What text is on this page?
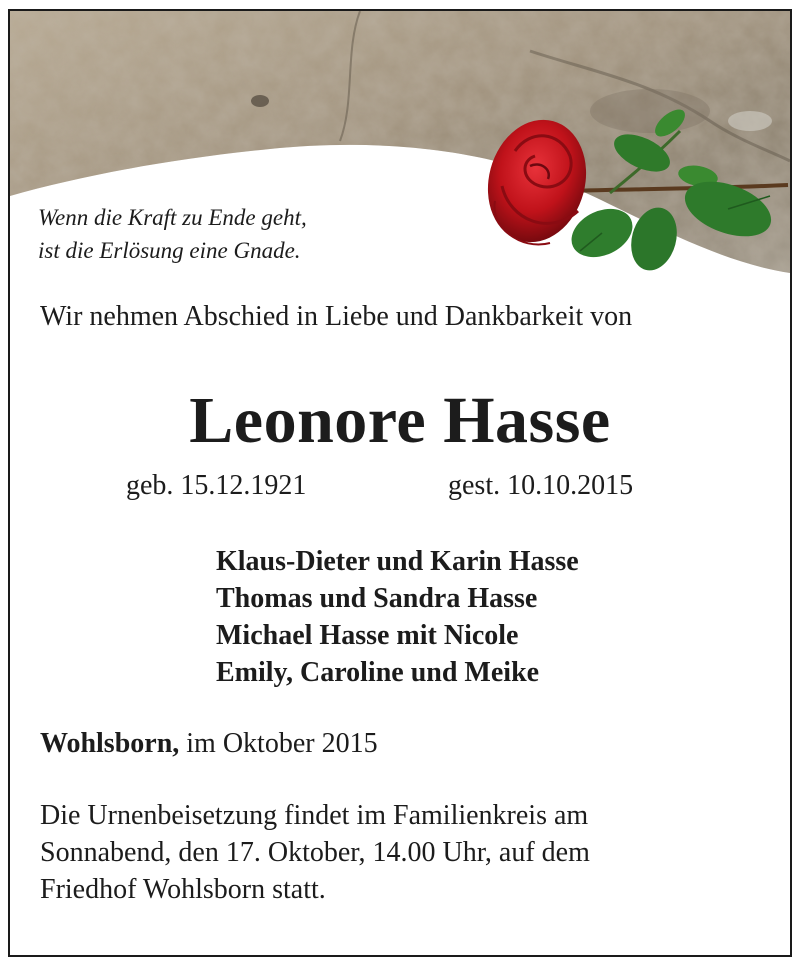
Wenn die Kraft zu Ende geht,
ist die Erlösung eine Gnade.
Wir nehmen Abschied in Liebe und Dankbarkeit von
Leonore Hasse
geb. 15.12.1921	gest. 10.10.2015
Klaus-Dieter und Karin Hasse
Thomas und Sandra Hasse
Michael Hasse mit Nicole
Emily, Caroline und Meike
Wohlsborn, im Oktober 2015
Die Urnenbeisetzung findet im Familienkreis am
Sonnabend, den 17. Oktober, 14.00 Uhr, auf dem
Friedhof Wohlsborn statt.
